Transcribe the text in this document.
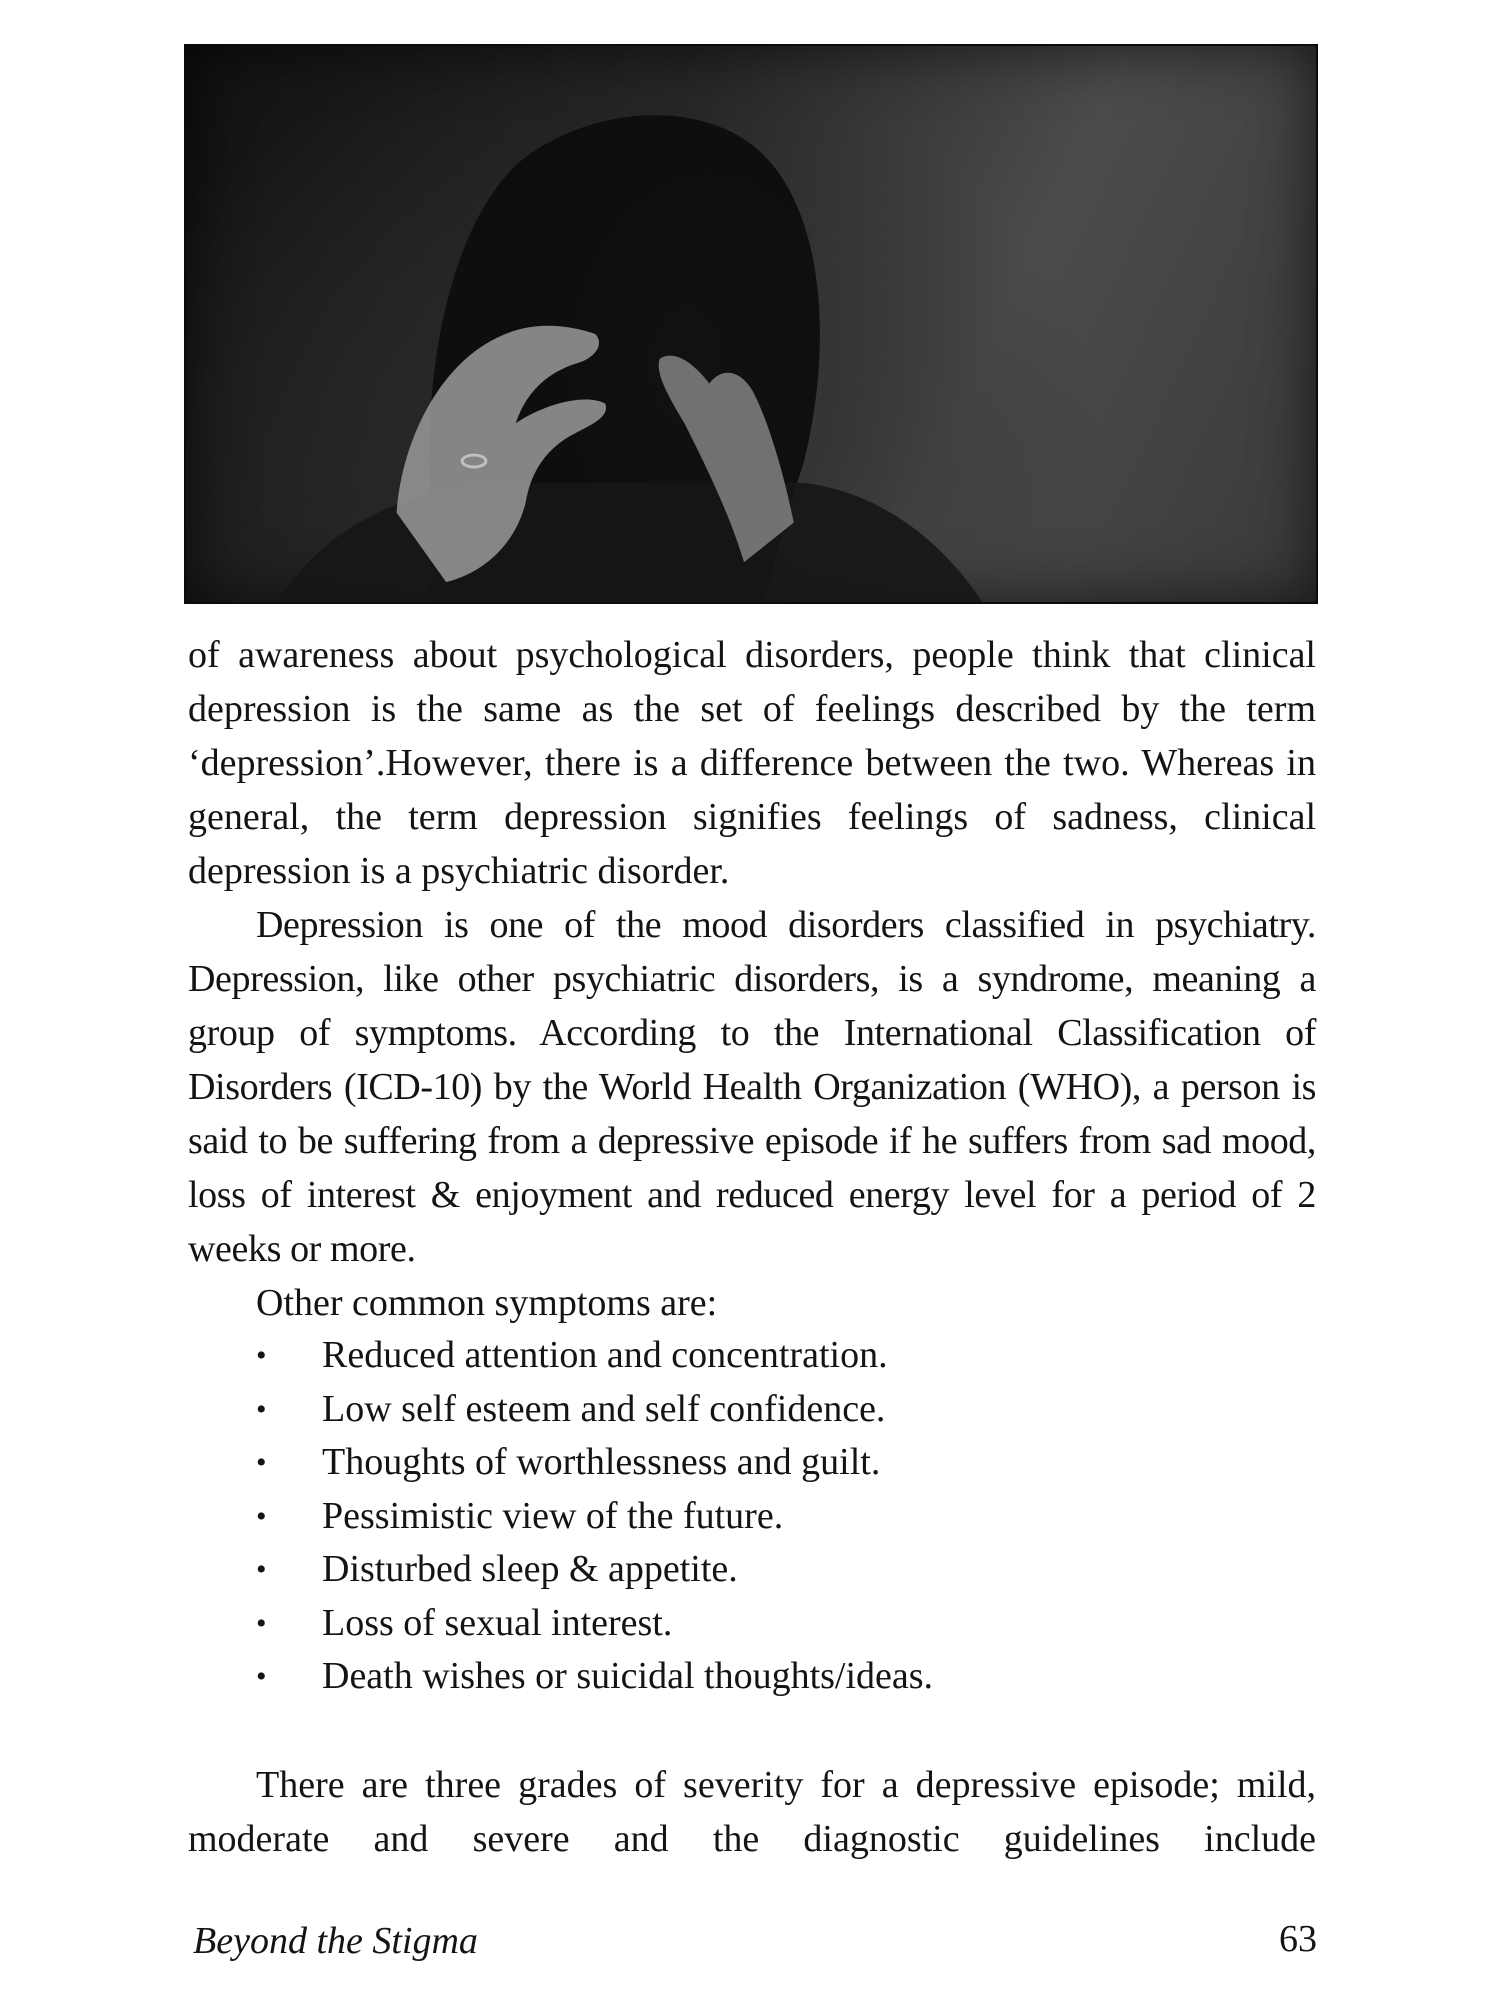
of awareness about psychological disorders, people think that clinical depression is the same as the set of feelings described by the term ‘depression’.However, there is a difference between the two. Whereas in general, the term depression signifies feelings of sadness, clinical depression is a psychiatric disorder.

Depression is one of the mood disorders classified in psychiatry. Depression, like other psychiatric disorders, is a syndrome, meaning a group of symptoms. According to the International Classification of Disorders (ICD-10) by the World Health Organization (WHO), a person is said to be suffering from a depressive episode if he suffers from sad mood, loss of interest & enjoyment and reduced energy level for a period of 2 weeks or more.

Other common symptoms are:

• Reduced attention and concentration.
• Low self esteem and self confidence.
• Thoughts of worthlessness and guilt.
• Pessimistic view of the future.
• Disturbed sleep & appetite.
• Loss of sexual interest.
• Death wishes or suicidal thoughts/ideas.

There are three grades of severity for a depressive episode; mild, moderate and severe and the diagnostic guidelines include

Beyond the Stigma	63
